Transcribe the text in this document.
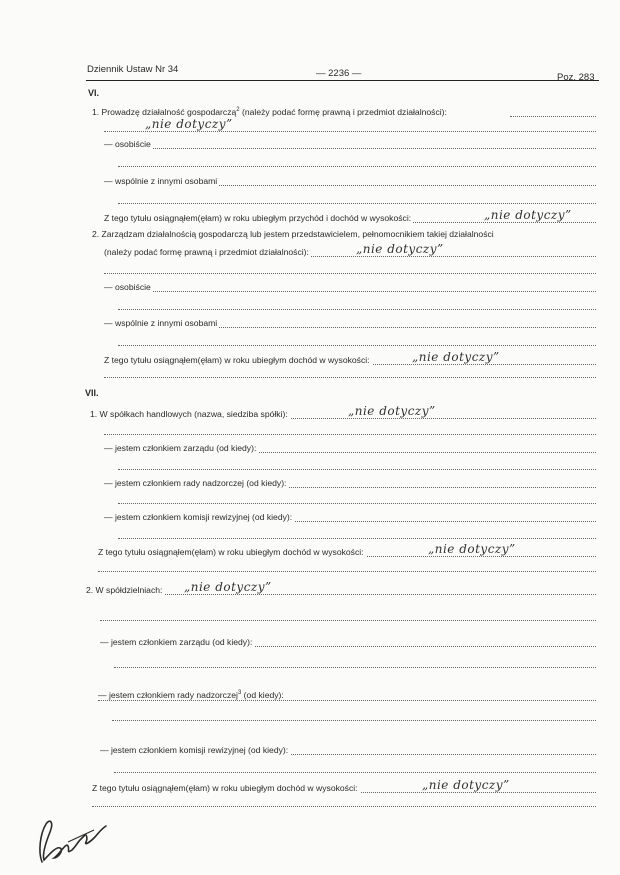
Dziennik Ustaw Nr 34	— 2236 —	Poz. 283
VI.
1. Prowadzę działalność gospodarczą$^2$ (należy podać formę prawną i przedmiot działalności):
„nie dotyczy”
— osobiście
— wspólnie z innymi osobami
Z tego tytułu osiągnąłem(ęłam) w roku ubiegłym przychód i dochód w wysokości:	„nie dotyczy”
2. Zarządzam działalnością gospodarczą lub jestem przedstawicielem, pełnomocnikiem takiej działalności
(należy podać formę prawną i przedmiot działalności):	„nie dotyczy”
— osobiście
— wspólnie z innymi osobami
Z tego tytułu osiągnąłem(ęłam) w roku ubiegłym dochód w wysokości:	„nie dotyczy”
VII.
1. W spółkach handlowych (nazwa, siedziba spółki):	„nie dotyczy”
— jestem członkiem zarządu (od kiedy):
— jestem członkiem rady nadzorczej (od kiedy):
— jestem członkiem komisji rewizyjnej (od kiedy):
Z tego tytułu osiągnąłem(ęłam) w roku ubiegłym dochód w wysokości:	„nie dotyczy”
2. W spółdzielniach: „nie dotyczy”
— jestem członkiem zarządu (od kiedy):
— jestem członkiem rady nadzorczej$^3$ (od kiedy):
— jestem członkiem komisji rewizyjnej (od kiedy):
Z tego tytułu osiągnąłem(ęłam) w roku ubiegłym dochód w wysokości:	„nie dotyczy”
